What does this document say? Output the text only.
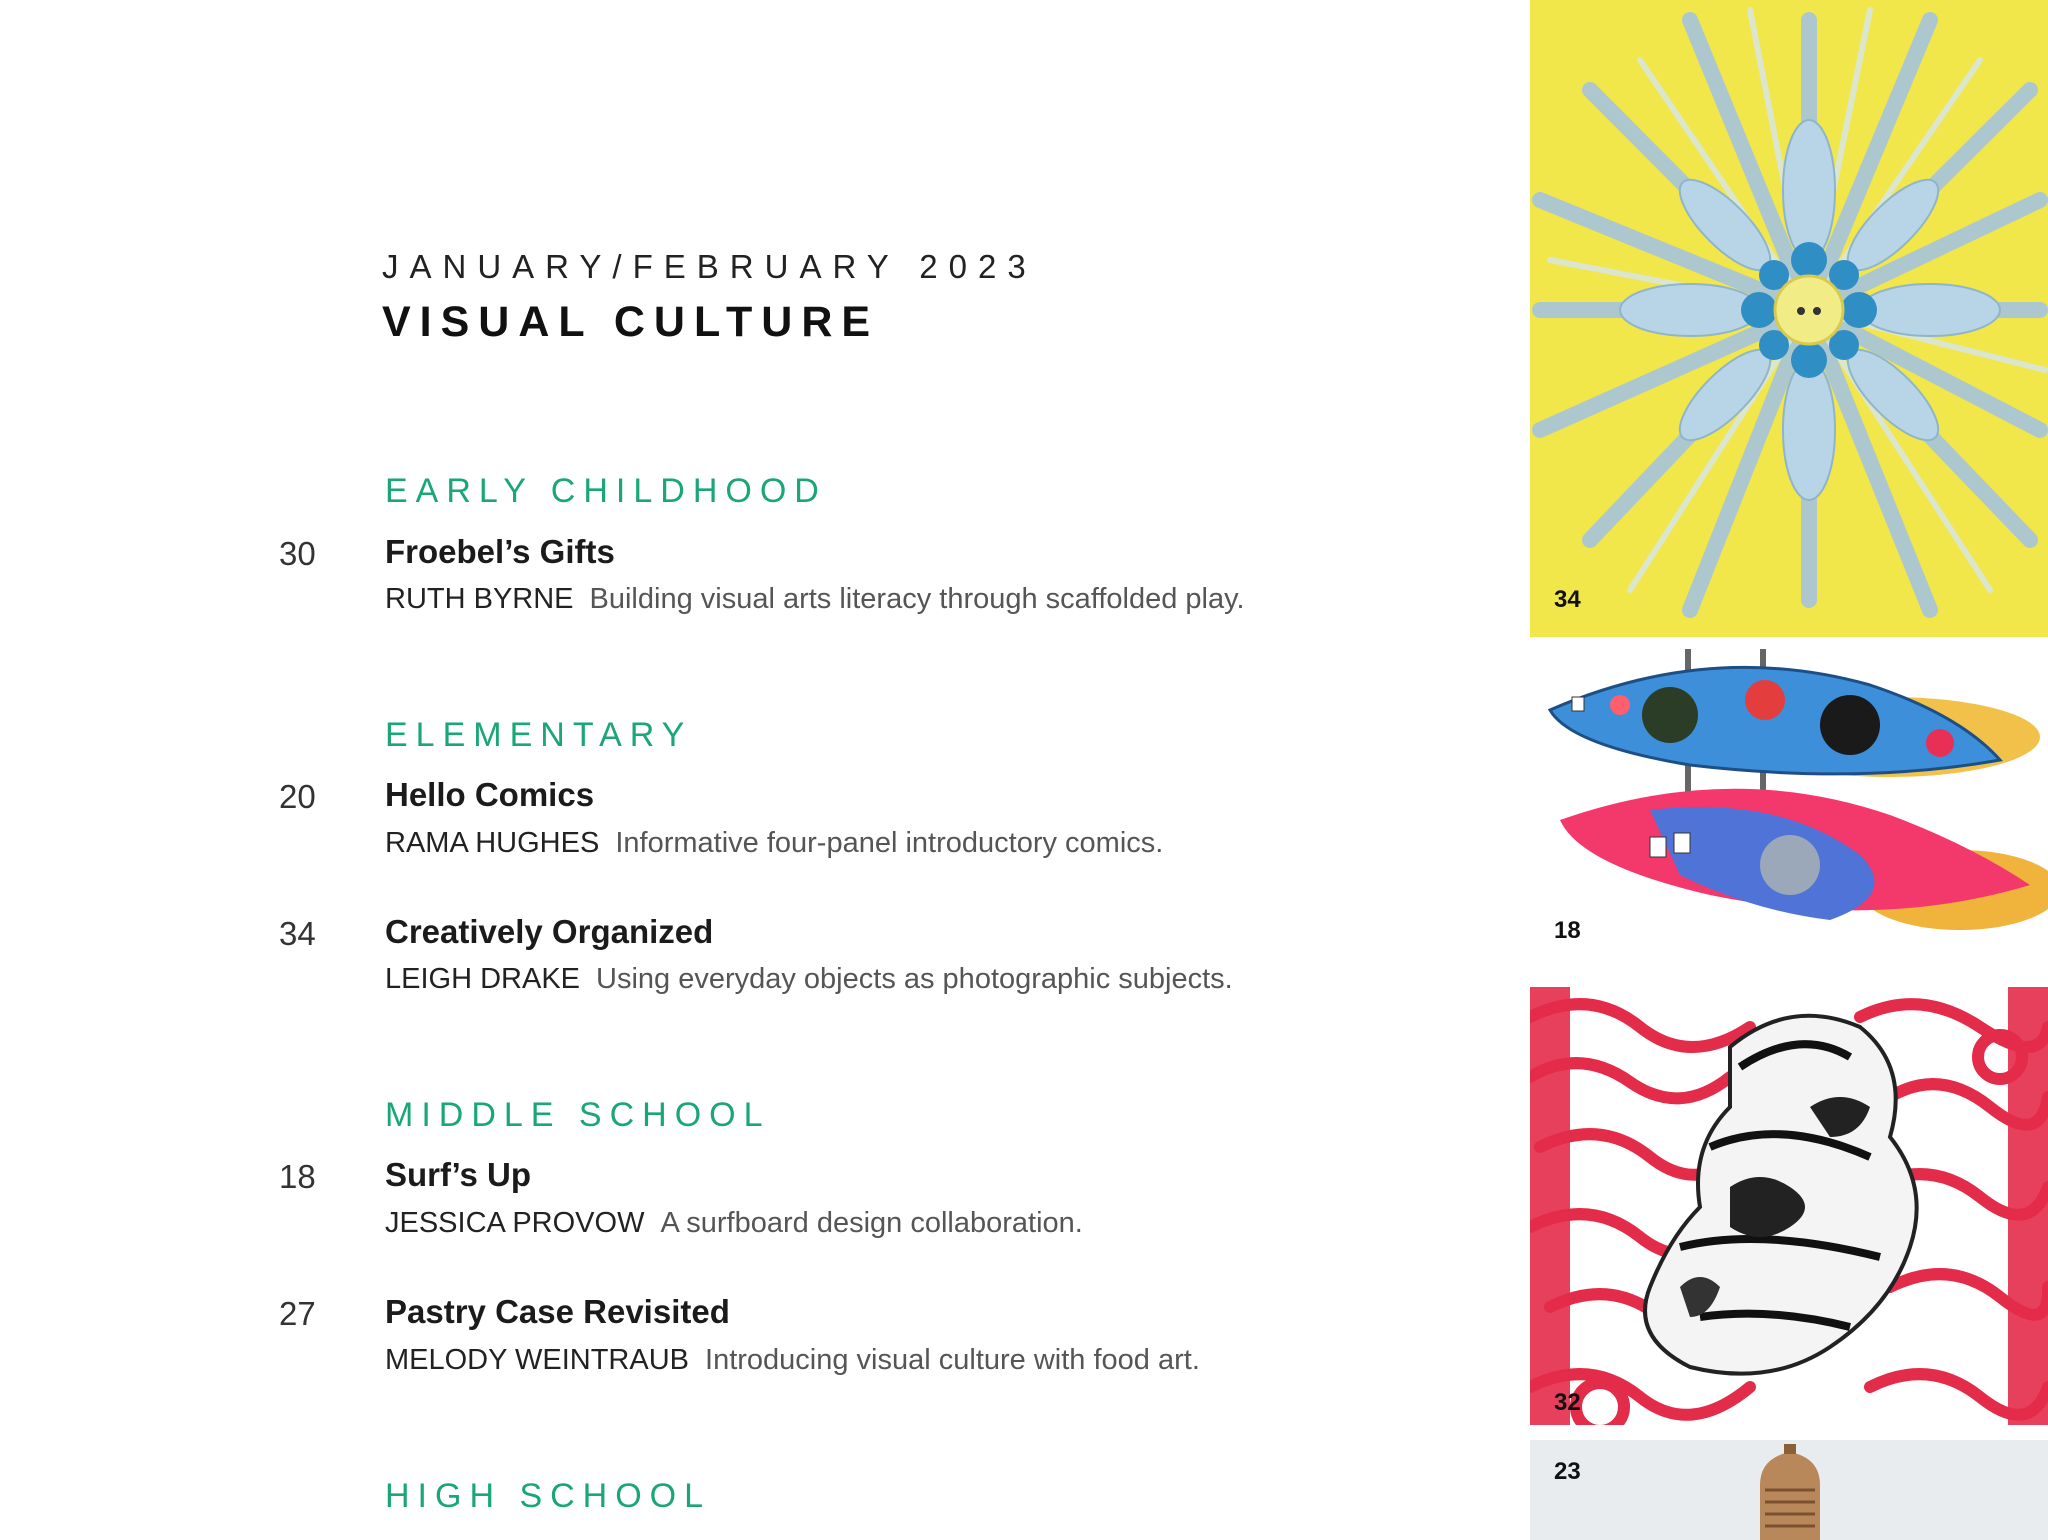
JANUARY/FEBRUARY 2023
VISUAL CULTURE
EARLY CHILDHOOD
30 Froebel’s Gifts
RUTH BYRNE Building visual arts literacy through scaffolded play.
ELEMENTARY
20 Hello Comics
RAMA HUGHES Informative four-panel introductory comics.
34 Creatively Organized
LEIGH DRAKE Using everyday objects as photographic subjects.
MIDDLE SCHOOL
18 Surf’s Up
JESSICA PROVOW A surfboard design collaboration.
27 Pastry Case Revisited
MELODY WEINTRAUB Introducing visual culture with food art.
HIGH SCHOOL
34
18
32
23
